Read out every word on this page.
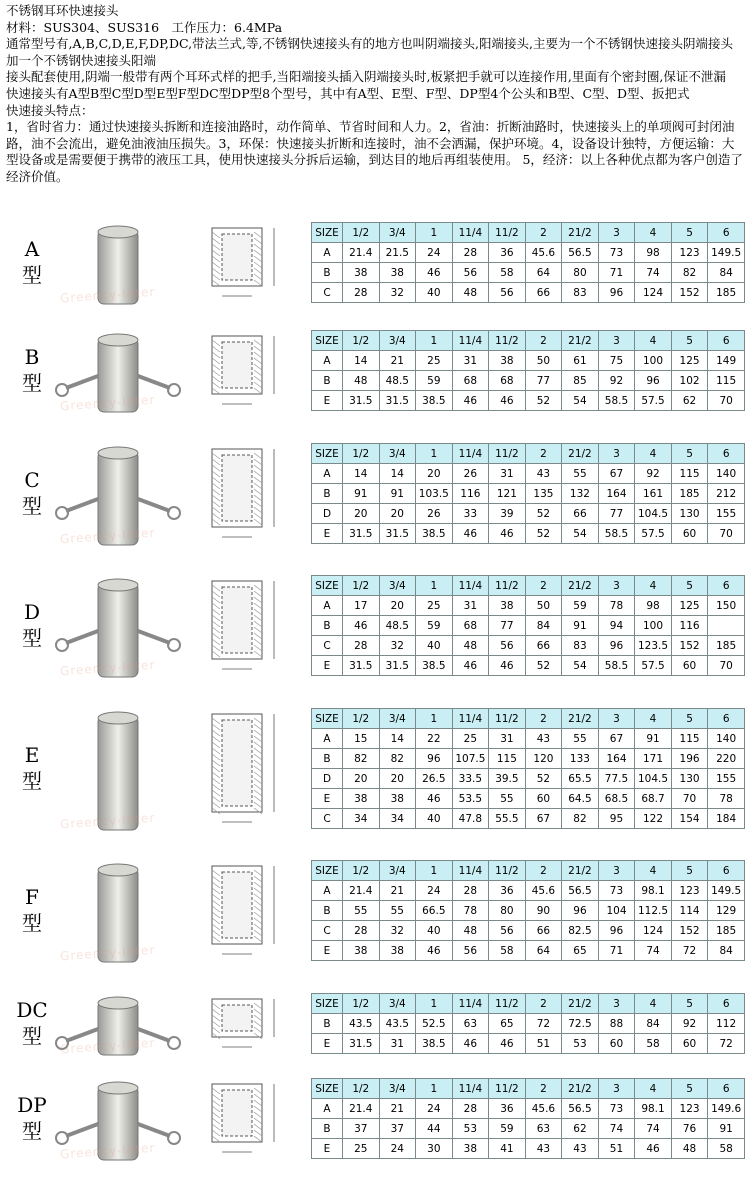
不锈钢耳环快速接头

材料：SUS304、SUS316　工作压力：6.4MPa

通常型号有,A,B,C,D,E,F,DP,DC,带法兰式,等,不锈钢快速接头有的地方也叫阴端接头,阳端接头,主要为一个不锈钢快速接头阴端接头加一个不锈钢快速接头阳端

接头配套使用,阴端一般带有两个耳环式样的把手,当阳端接头插入阴端接头时,板紧把手就可以连接作用,里面有个密封圈,保证不泄漏

快速接头有A型B型C型D型E型F型DC型DP型8个型号，其中有A型、E型、F型、DP型4个公头和B型、C型、D型、扳把式

快速接头特点：

1，省时省力：通过快速接头拆断和连接油路时，动作简单、节省时间和人力。2，省油：折断油路时，快速接头上的单项阀可封闭油路，油不会流出，避免油液油压损失。3，环保：快速接头折断和连接时，油不会洒漏，保护环境。4，设备设计独特，方便运输：大型设备或是需要便于携带的液压工具，使用快速接头分拆后运输，到达目的地后再组装使用。 5，经济：以上各种优点都为客户创造了经济价值。

A
型
Greency-Inter
SIZE	1/2	3/4	1	11/4	11/2	2	21/2	3	4	5	6
A	21.4	21.5	24	28	36	45.6	56.5	73	98	123	149.5
B	38	38	46	56	58	64	80	71	74	82	84
C	28	32	40	48	56	66	83	96	124	152	185
B
型
Greency-Inter
SIZE	1/2	3/4	1	11/4	11/2	2	21/2	3	4	5	6
A	14	21	25	31	38	50	61	75	100	125	149
B	48	48.5	59	68	68	77	85	92	96	102	115
E	31.5	31.5	38.5	46	46	52	54	58.5	57.5	62	70
C
型
Greency-Inter
SIZE	1/2	3/4	1	11/4	11/2	2	21/2	3	4	5	6
A	14	14	20	26	31	43	55	67	92	115	140
B	91	91	103.5	116	121	135	132	164	161	185	212
D	20	20	26	33	39	52	66	77	104.5	130	155
E	31.5	31.5	38.5	46	46	52	54	58.5	57.5	60	70
D
型
Greency-Inter
SIZE	1/2	3/4	1	11/4	11/2	2	21/2	3	4	5	6
A	17	20	25	31	38	50	59	78	98	125	150
B	46	48.5	59	68	77	84	91	94	100	116	
C	28	32	40	48	56	66	83	96	123.5	152	185
E	31.5	31.5	38.5	46	46	52	54	58.5	57.5	60	70
E
型
Greency-Inter
SIZE	1/2	3/4	1	11/4	11/2	2	21/2	3	4	5	6
A	15	14	22	25	31	43	55	67	91	115	140
B	82	82	96	107.5	115	120	133	164	171	196	220
D	20	20	26.5	33.5	39.5	52	65.5	77.5	104.5	130	155
E	38	38	46	53.5	55	60	64.5	68.5	68.7	70	78
C	34	34	40	47.8	55.5	67	82	95	122	154	184
F
型
Greency-Inter
SIZE	1/2	3/4	1	11/4	11/2	2	21/2	3	4	5	6
A	21.4	21	24	28	36	45.6	56.5	73	98.1	123	149.5
B	55	55	66.5	78	80	90	96	104	112.5	114	129
C	28	32	40	48	56	66	82.5	96	124	152	185
E	38	38	46	56	58	64	65	71	74	72	84
DC
型	Greency-Inter
SIZE	1/2	3/4	1	11/4	11/2	2	21/2	3	4	5	6
B	43.5	43.5	52.5	63	65	72	72.5	88	84	92	112
E	31.5	31	38.5	46	46	51	53	60	58	60	72
DP
型
Greency-Inter
SIZE	1/2	3/4	1	11/4	11/2	2	21/2	3	4	5	6
A	21.4	21	24	28	36	45.6	56.5	73	98.1	123	149.6
B	37	37	44	53	59	63	62	74	74	76	91
E	25	24	30	38	41	43	43	51	46	48	58
